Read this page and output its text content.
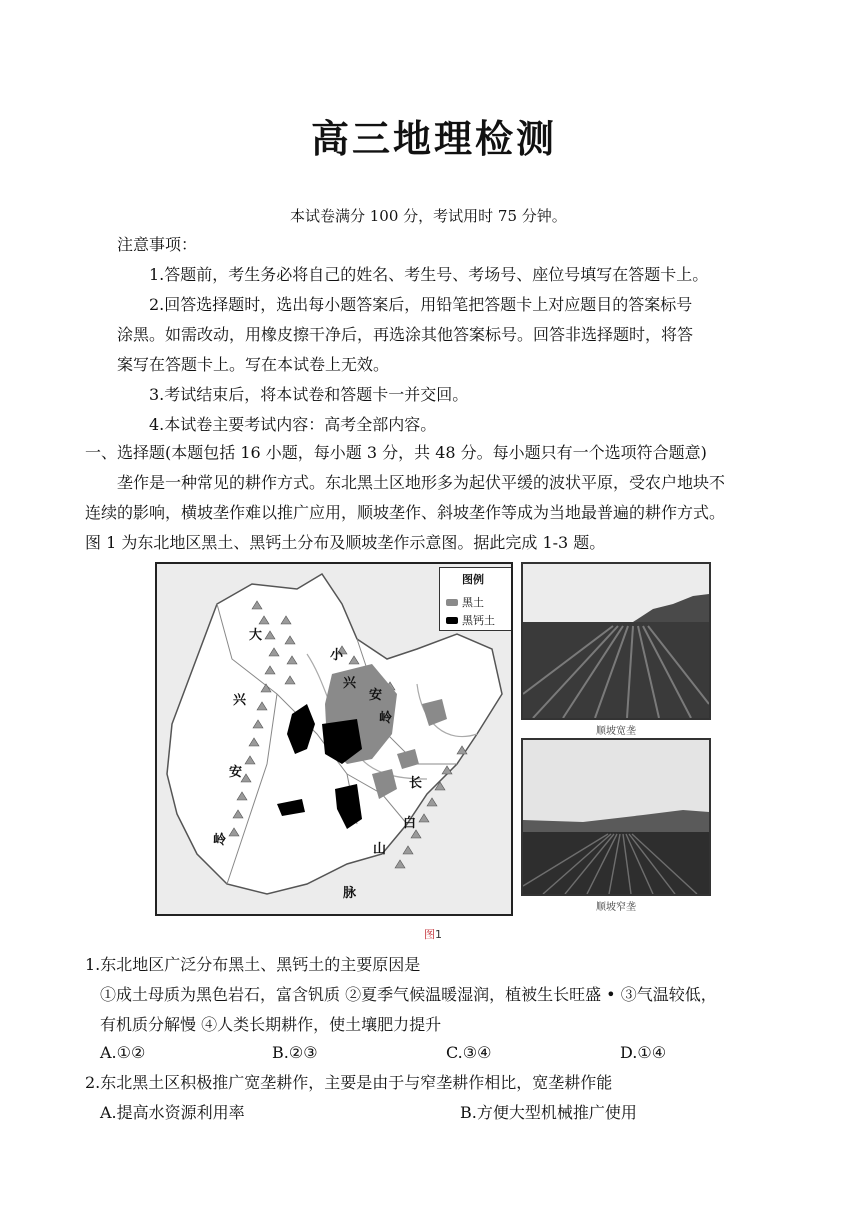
高三地理检测
本试卷满分 100 分，考试用时 75 分钟。
注意事项：
1.答题前，考生务必将自己的姓名、考生号、考场号、座位号填写在答题卡上。
2.回答选择题时，选出每小题答案后，用铅笔把答题卡上对应题目的答案标号
涂黑。如需改动，用橡皮擦干净后，再选涂其他答案标号。回答非选择题时，将答
案写在答题卡上。写在本试卷上无效。
3.考试结束后，将本试卷和答题卡一并交回。
4.本试卷主要考试内容：高考全部内容。
一、选择题(本题包括 16 小题，每小题 3 分，共 48 分。每小题只有一个选项符合题意)
垄作是一种常见的耕作方式。东北黑土区地形多为起伏平缓的波状平原，受农户地块不
连续的影响，横坡垄作难以推广应用，顺坡垄作、斜坡垄作等成为当地最普遍的耕作方式。
图 1 为东北地区黑土、黑钙土分布及顺坡垄作示意图。据此完成 1-3 题。
图例
黑土
黑钙土
大
兴
安
岭
小
兴
安
岭
长
白
山
脉
顺坡宽垄
顺坡窄垄
图1
1.东北地区广泛分布黑土、黑钙土的主要原因是
①成土母质为黑色岩石，富含钒质 ②夏季气候温暖湿润，植被生长旺盛 • ③气温较低，
有机质分解慢 ④人类长期耕作，使土壤肥力提升
A.①②	B.②③	C.③④	D.①④
2.东北黑土区积极推广宽垄耕作，主要是由于与窄垄耕作相比，宽垄耕作能
A.提高水资源利用率	B.方便大型机械推广使用
